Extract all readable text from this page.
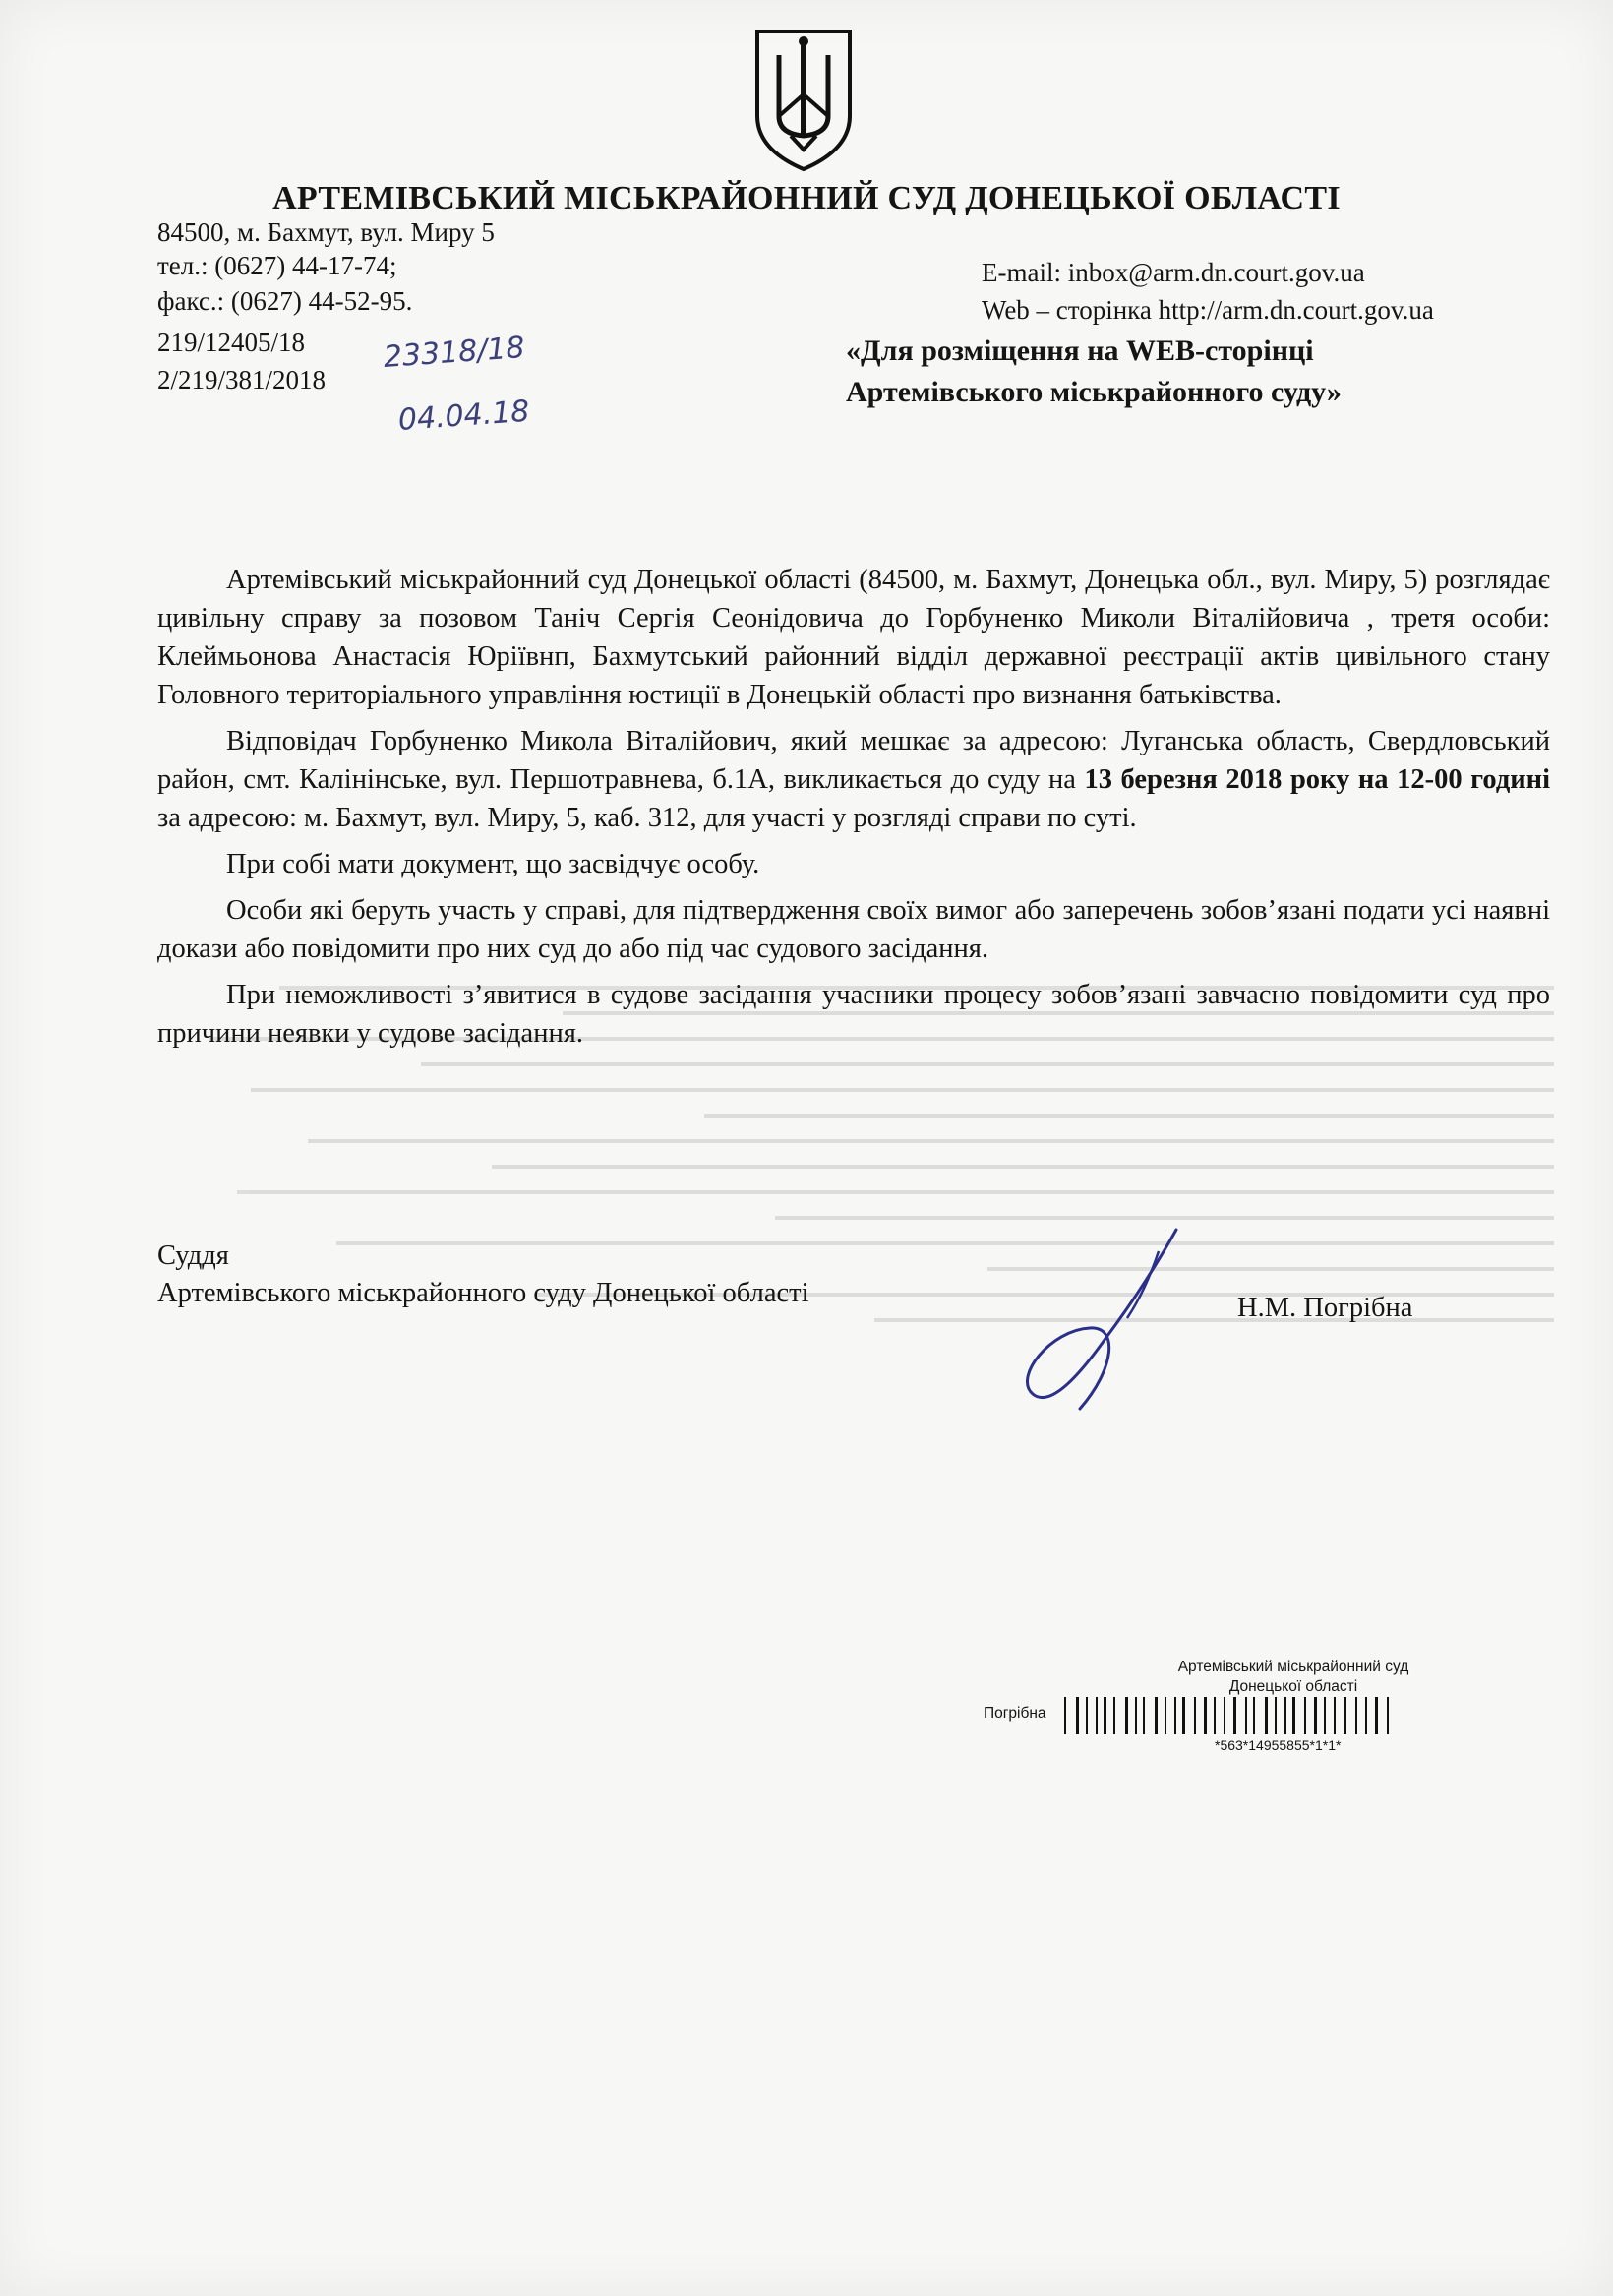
АРТЕМІВСЬКИЙ МІСЬКРАЙОННИЙ СУД ДОНЕЦЬКОЇ ОБЛАСТІ
84500, м. Бахмут, вул. Миру 5
тел.: (0627) 44-17-74;
факс.: (0627) 44-52-95.
E-mail: inbox@arm.dn.court.gov.ua
Web – сторінка http://arm.dn.court.gov.ua
219/12405/18
2/219/381/2018
23318/18
04.04.18
«Для розміщення на WEB-сторінці
Артемівського міськрайонного суду»

Артемівський міськрайонний суд Донецької області (84500, м. Бахмут, Донецька обл., вул. Миру, 5) розглядає цивільну справу за позовом Таніч Сергія Сеонідовича до Горбуненко Миколи Віталійовича , третя особи: Клеймьонова Анастасія Юріївнп, Бахмутський районний відділ державної реєстрації актів цивільного стану Головного територіального управління юстиції в Донецькій області про визнання батьківства.

Відповідач Горбуненко Микола Віталійович, який мешкає за адресою: Луганська область, Свердловський район, смт. Калінінське, вул. Першотравнева, б.1А, викликається до суду на 13 березня 2018 року на 12-00 годині за адресою: м. Бахмут, вул. Миру, 5, каб. 312, для участі у розгляді справи по суті.

При собі мати документ, що засвідчує особу.

Особи які беруть участь у справі, для підтвердження своїх вимог або заперечень зобов’язані подати усі наявні докази або повідомити про них суд до або під час судового засідання.

При неможливості з’явитися в судове засідання учасники процесу зобов’язані завчасно повідомити суд про причини неявки у судове засідання.

Суддя
Артемівського міськрайонного суду Донецької області	Н.М. Погрібна
Артемівський міськрайонний суд
Донецької області
Погрібна
*563*14955855*1*1*
